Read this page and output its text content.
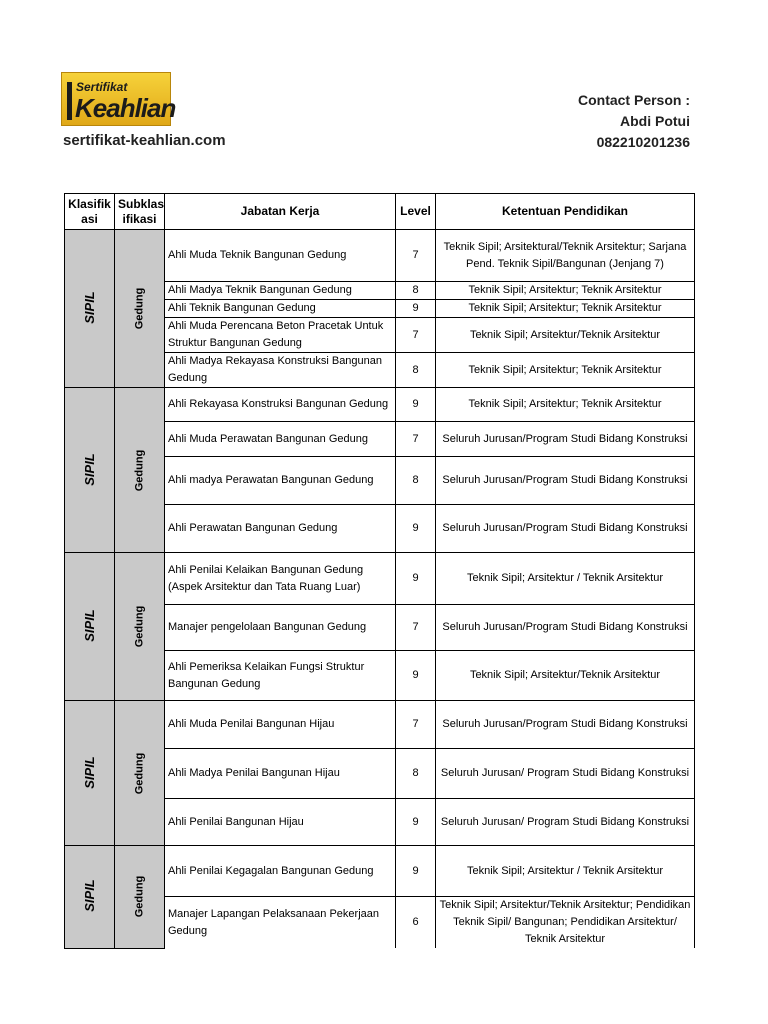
Sertifikat
Keahlian
sertifikat-keahlian.com
Contact Person :
Abdi Potui
082210201236
Klasifik asi	Subklas ifikasi	Jabatan Kerja	Level	Ketentuan Pendidikan
SIPIL	Gedung	Ahli Muda Teknik Bangunan Gedung	7	Teknik Sipil; Arsitektural/Teknik Arsitektur; Sarjana Pend. Teknik Sipil/Bangunan (Jenjang 7)
		Ahli Madya Teknik Bangunan Gedung	8	Teknik Sipil; Arsitektur; Teknik Arsitektur
		Ahli Teknik Bangunan Gedung	9	Teknik Sipil; Arsitektur; Teknik Arsitektur
		Ahli Muda Perencana Beton Pracetak Untuk Struktur Bangunan Gedung	7	Teknik Sipil; Arsitektur/Teknik Arsitektur
		Ahli Madya Rekayasa Konstruksi Bangunan Gedung	8	Teknik Sipil; Arsitektur; Teknik Arsitektur
SIPIL	Gedung	Ahli Rekayasa Konstruksi Bangunan Gedung	9	Teknik Sipil; Arsitektur; Teknik Arsitektur
		Ahli Muda Perawatan Bangunan Gedung	7	Seluruh Jurusan/Program Studi Bidang Konstruksi
		Ahli madya Perawatan Bangunan Gedung	8	Seluruh Jurusan/Program Studi Bidang Konstruksi
		Ahli Perawatan Bangunan Gedung	9	Seluruh Jurusan/Program Studi Bidang Konstruksi
SIPIL	Gedung	Ahli Penilai Kelaikan Bangunan Gedung (Aspek Arsitektur dan Tata Ruang Luar)	9	Teknik Sipil; Arsitektur / Teknik Arsitektur
		Manajer pengelolaan Bangunan Gedung	7	Seluruh Jurusan/Program Studi Bidang Konstruksi
		Ahli Pemeriksa Kelaikan Fungsi Struktur Bangunan Gedung	9	Teknik Sipil; Arsitektur/Teknik Arsitektur
SIPIL	Gedung	Ahli Muda Penilai Bangunan Hijau	7	Seluruh Jurusan/Program Studi Bidang Konstruksi
		Ahli Madya Penilai Bangunan Hijau	8	Seluruh Jurusan/ Program Studi Bidang Konstruksi
		Ahli Penilai Bangunan Hijau	9	Seluruh Jurusan/ Program Studi Bidang Konstruksi
SIPIL	Gedung	Ahli Penilai Kegagalan Bangunan Gedung	9	Teknik Sipil; Arsitektur / Teknik Arsitektur
		Manajer Lapangan Pelaksanaan Pekerjaan Gedung	6	Teknik Sipil; Arsitektur/Teknik Arsitektur; Pendidikan Teknik Sipil/ Bangunan; Pendidikan Arsitektur/ Teknik Arsitektur
